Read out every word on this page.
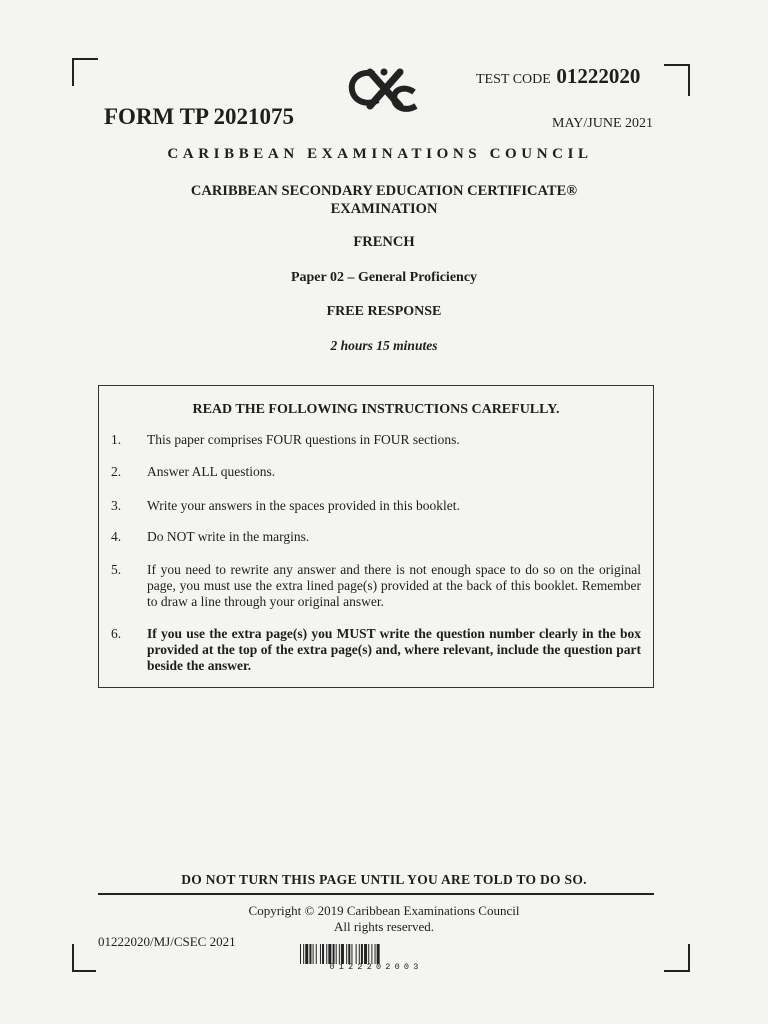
TEST CODE 01222020
FORM TP 2021075	MAY/JUNE 2021
CARIBBEAN EXAMINATIONS COUNCIL
CARIBBEAN SECONDARY EDUCATION CERTIFICATE®
EXAMINATION
FRENCH
Paper 02 – General Proficiency
FREE RESPONSE
2 hours 15 minutes
READ THE FOLLOWING INSTRUCTIONS CAREFULLY.
1. This paper comprises FOUR questions in FOUR sections.
2. Answer ALL questions.
3. Write your answers in the spaces provided in this booklet.
4. Do NOT write in the margins.
5. If you need to rewrite any answer and there is not enough space to do so on the original page, you must use the extra lined page(s) provided at the back of this booklet. Remember to draw a line through your original answer.
6. If you use the extra page(s) you MUST write the question number clearly in the box provided at the top of the extra page(s) and, where relevant, include the question part beside the answer.
DO NOT TURN THIS PAGE UNTIL YOU ARE TOLD TO DO SO.
Copyright © 2019 Caribbean Examinations Council
All rights reserved.
01222020/MJ/CSEC 2021
0122202003
